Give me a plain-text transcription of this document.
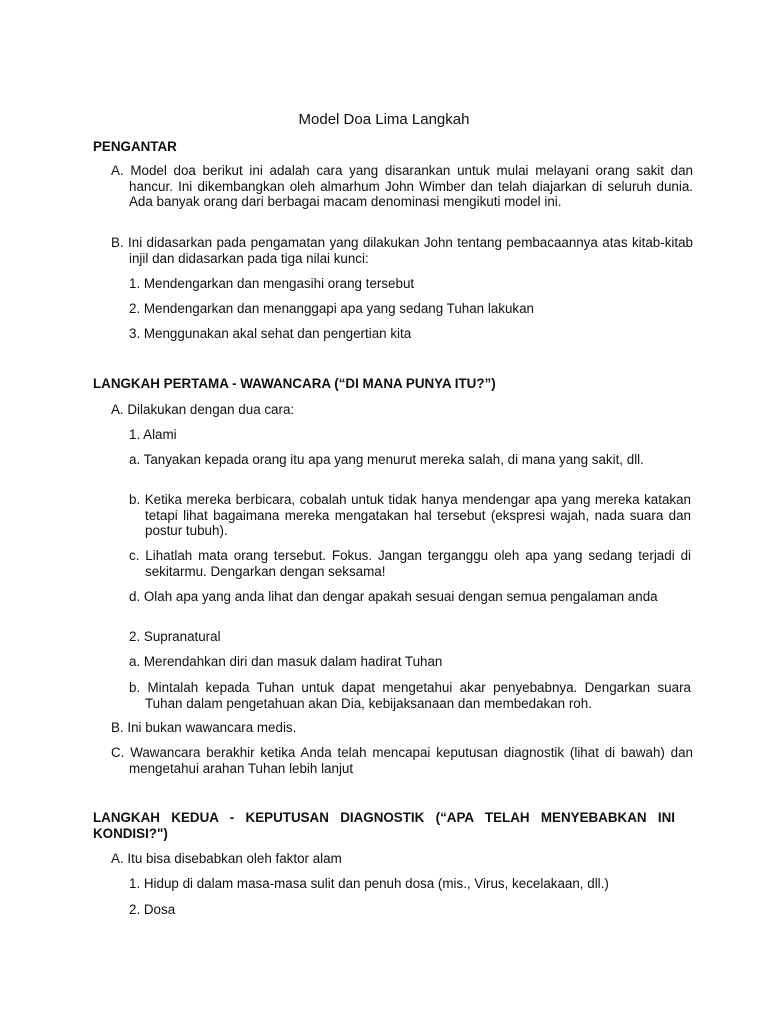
Model Doa Lima Langkah
PENGANTAR
A. Model doa berikut ini adalah cara yang disarankan untuk mulai melayani orang sakit dan hancur. Ini dikembangkan oleh almarhum John Wimber dan telah diajarkan di seluruh dunia. Ada banyak orang dari berbagai macam denominasi mengikuti model ini.
B. Ini didasarkan pada pengamatan yang dilakukan John tentang pembacaannya atas kitab-kitab injil dan didasarkan pada tiga nilai kunci:
1. Mendengarkan dan mengasihi orang tersebut
2. Mendengarkan dan menanggapi apa yang sedang Tuhan lakukan
3. Menggunakan akal sehat dan pengertian kita
LANGKAH PERTAMA - WAWANCARA (“DI MANA PUNYA ITU?”)
A. Dilakukan dengan dua cara:
1. Alami
a. Tanyakan kepada orang itu apa yang menurut mereka salah, di mana yang sakit, dll.
b. Ketika mereka berbicara, cobalah untuk tidak hanya mendengar apa yang mereka katakan tetapi lihat bagaimana mereka mengatakan hal tersebut (ekspresi wajah, nada suara dan postur tubuh).
c. Lihatlah mata orang tersebut. Fokus. Jangan terganggu oleh apa yang sedang terjadi di sekitarmu. Dengarkan dengan seksama!
d. Olah apa yang anda lihat dan dengar apakah sesuai dengan semua pengalaman anda
2. Supranatural
a. Merendahkan diri dan masuk dalam hadirat Tuhan
b. Mintalah kepada Tuhan untuk dapat mengetahui akar penyebabnya. Dengarkan suara Tuhan dalam pengetahuan akan Dia, kebijaksanaan dan membedakan roh.
B. Ini bukan wawancara medis.
C. Wawancara berakhir ketika Anda telah mencapai keputusan diagnostik (lihat di bawah) dan mengetahui arahan Tuhan lebih lanjut
LANGKAH KEDUA - KEPUTUSAN DIAGNOSTIK (“APA TELAH MENYEBABKAN INI KONDISI?")
A. Itu bisa disebabkan oleh faktor alam
1. Hidup di dalam masa-masa sulit dan penuh dosa (mis., Virus, kecelakaan, dll.)
2. Dosa
